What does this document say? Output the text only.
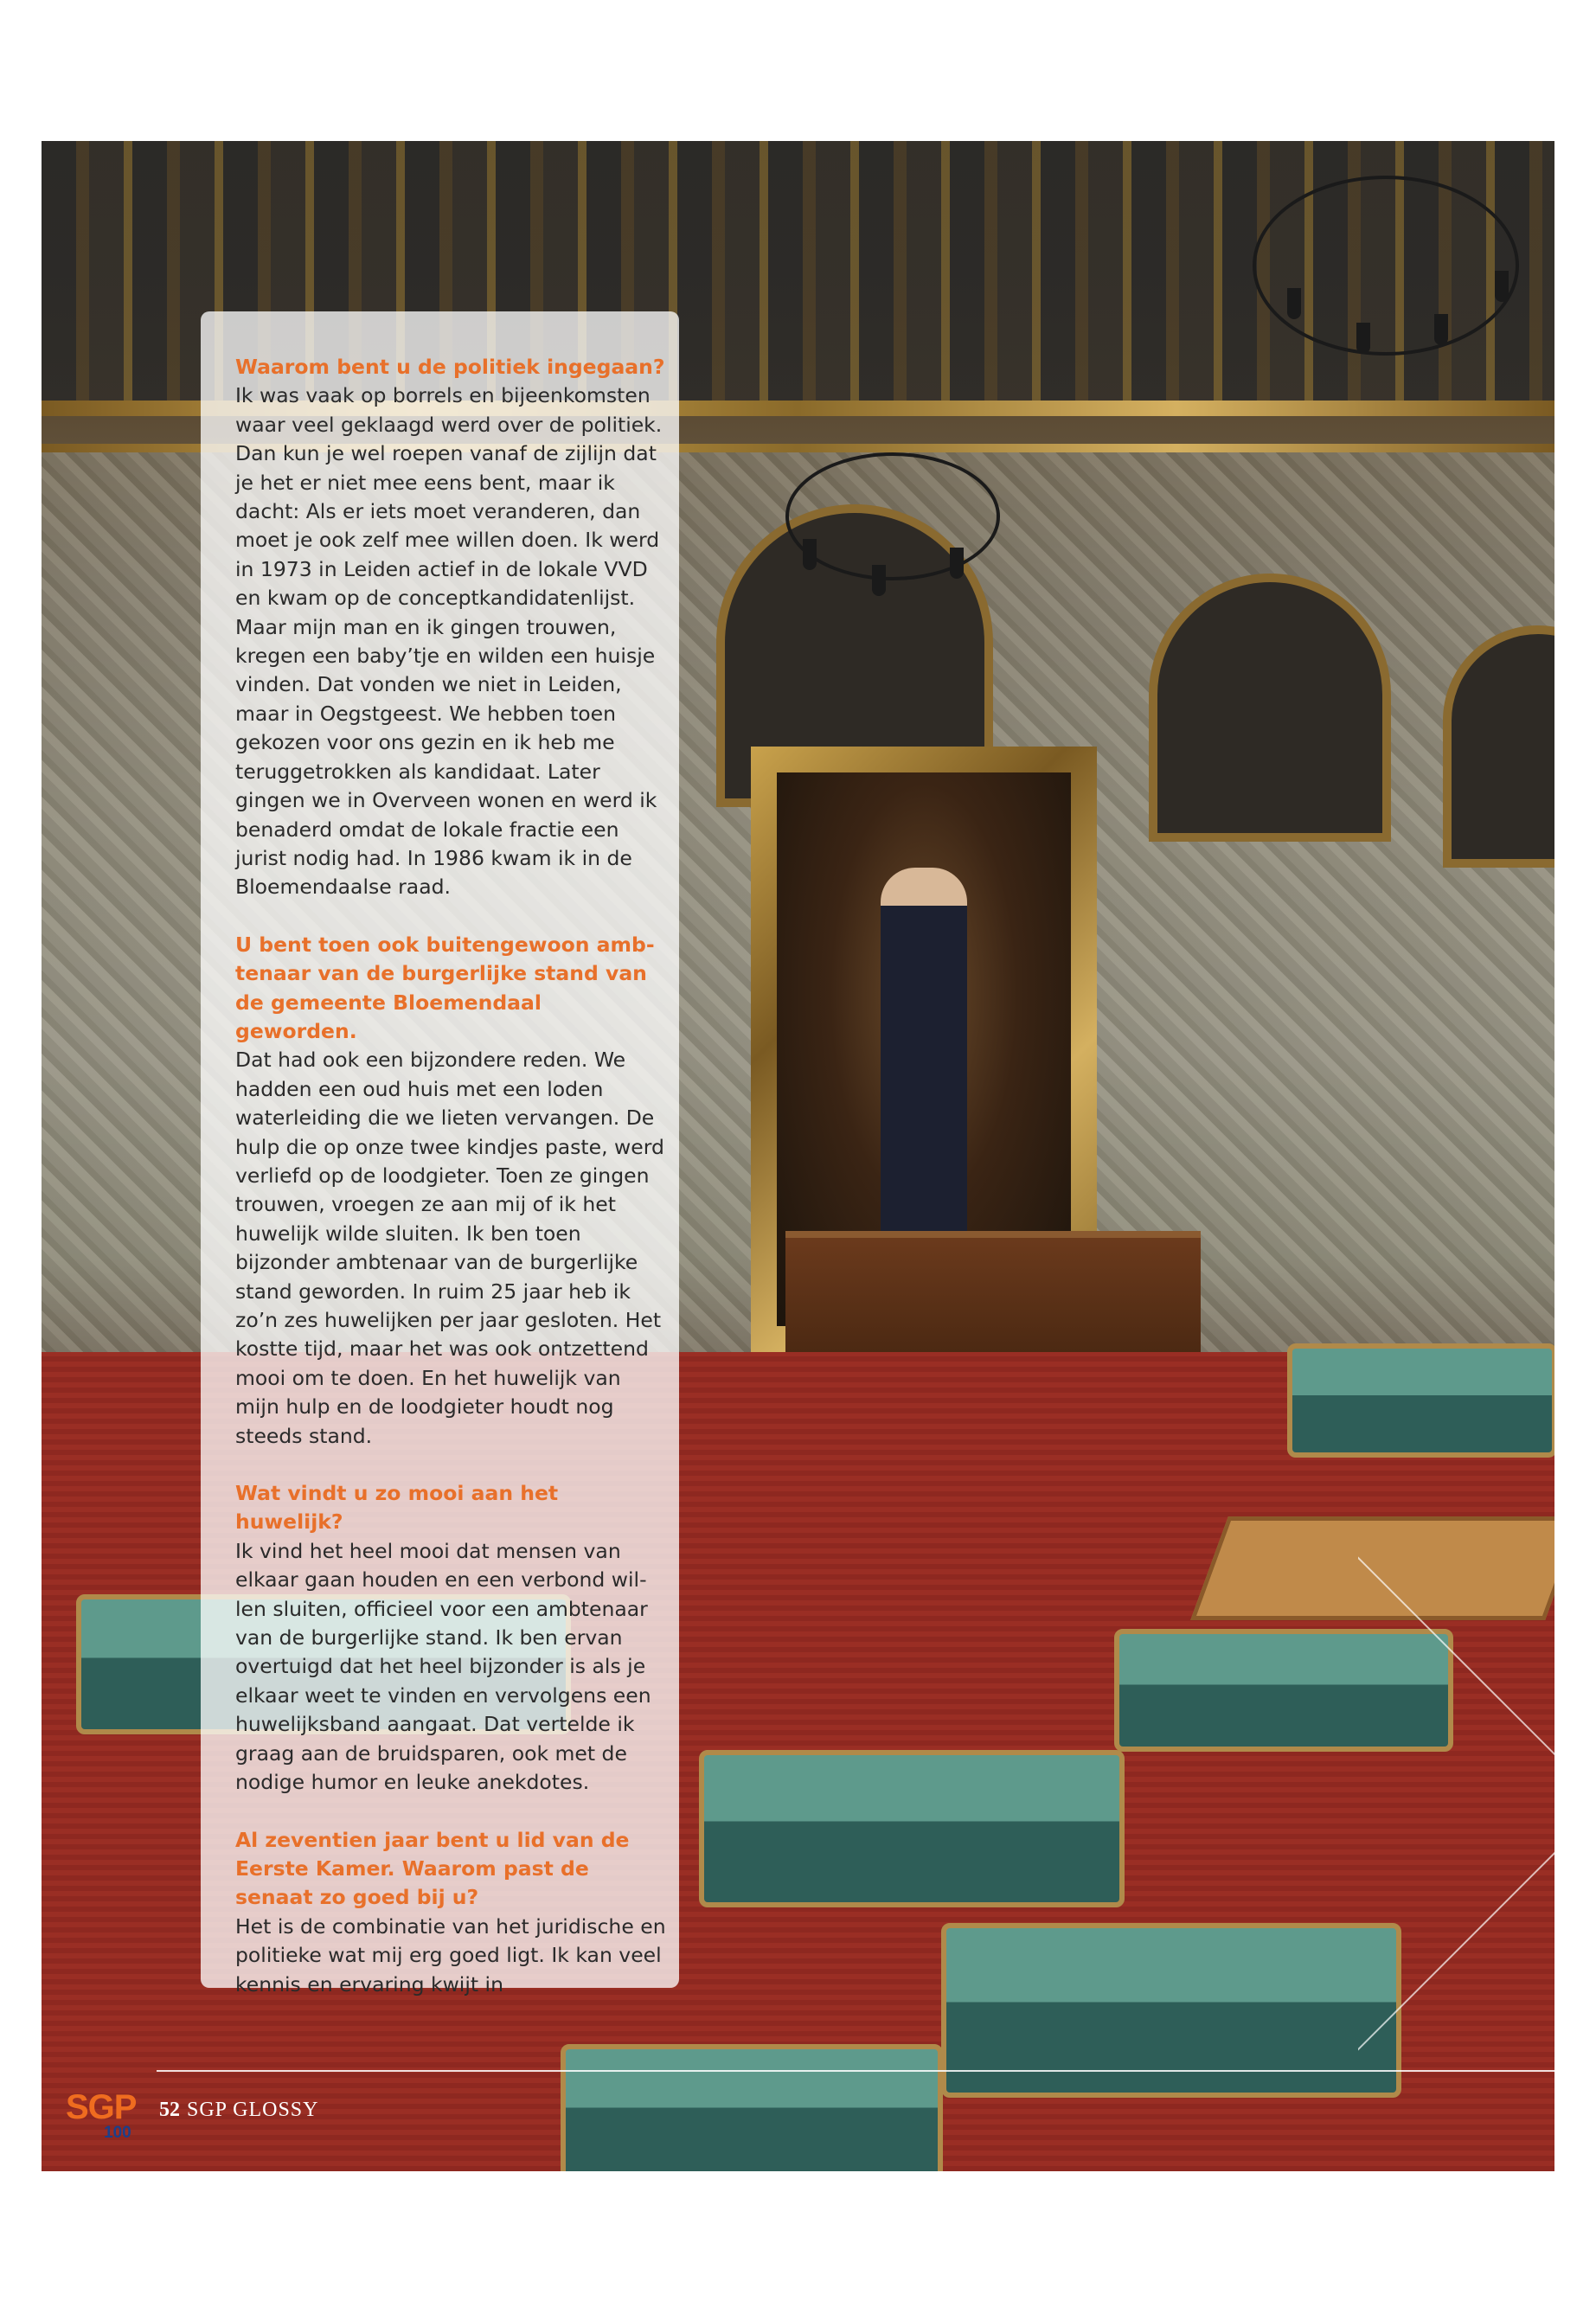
Waarom bent u de politiek ingegaan?

Ik was vaak op borrels en bijeenkomsten waar veel geklaagd werd over de politiek. Dan kun je wel roepen vanaf de zijlijn dat je het er niet mee eens bent, maar ik dacht: Als er iets moet veranderen, dan moet je ook zelf mee willen doen. Ik werd in 1973 in Leiden actief in de lokale VVD en kwam op de conceptkandidatenlijst. Maar mijn man en ik gingen trouwen, kregen een baby’tje en wilden een huisje vinden. Dat vonden we niet in Leiden, maar in Oegstgeest. We hebben toen gekozen voor ons gezin en ik heb me teruggetrokken als kandidaat. Later gingen we in Overveen wonen en werd ik benaderd omdat de lokale fractie een jurist nodig had. In 1986 kwam ik in de Bloemendaalse raad.

U bent toen ook buitengewoon ambtenaar van de burgerlijke stand van de gemeente Bloemendaal geworden.

Dat had ook een bijzondere reden. We hadden een oud huis met een loden waterleiding die we lieten vervangen. De hulp die op onze twee kindjes paste, werd verliefd op de loodgieter. Toen ze gingen trouwen, vroegen ze aan mij of ik het huwelijk wilde sluiten. Ik ben toen bijzonder ambtenaar van de burgerlijke stand geworden. In ruim 25 jaar heb ik zo’n zes huwelijken per jaar gesloten. Het kostte tijd, maar het was ook ontzettend mooi om te doen. En het huwelijk van mijn hulp en de loodgieter houdt nog steeds stand.

Wat vindt u zo mooi aan het huwelijk?

Ik vind het heel mooi dat mensen van elkaar gaan houden en een verbond willen sluiten, officieel voor een ambtenaar van de burgerlijke stand. Ik ben ervan overtuigd dat het heel bijzonder is als je elkaar weet te vinden en vervolgens een huwelijksband aangaat. Dat vertelde ik graag aan de bruidsparen, ook met de nodige humor en leuke anekdotes.

Al zeventien jaar bent u lid van de Eerste Kamer. Waarom past de senaat zo goed bij u?

Het is de combinatie van het juridische en politieke wat mij erg goed ligt. Ik kan veel kennis en ervaring kwijt in

SGP
100
52 SGP GLOSSY
